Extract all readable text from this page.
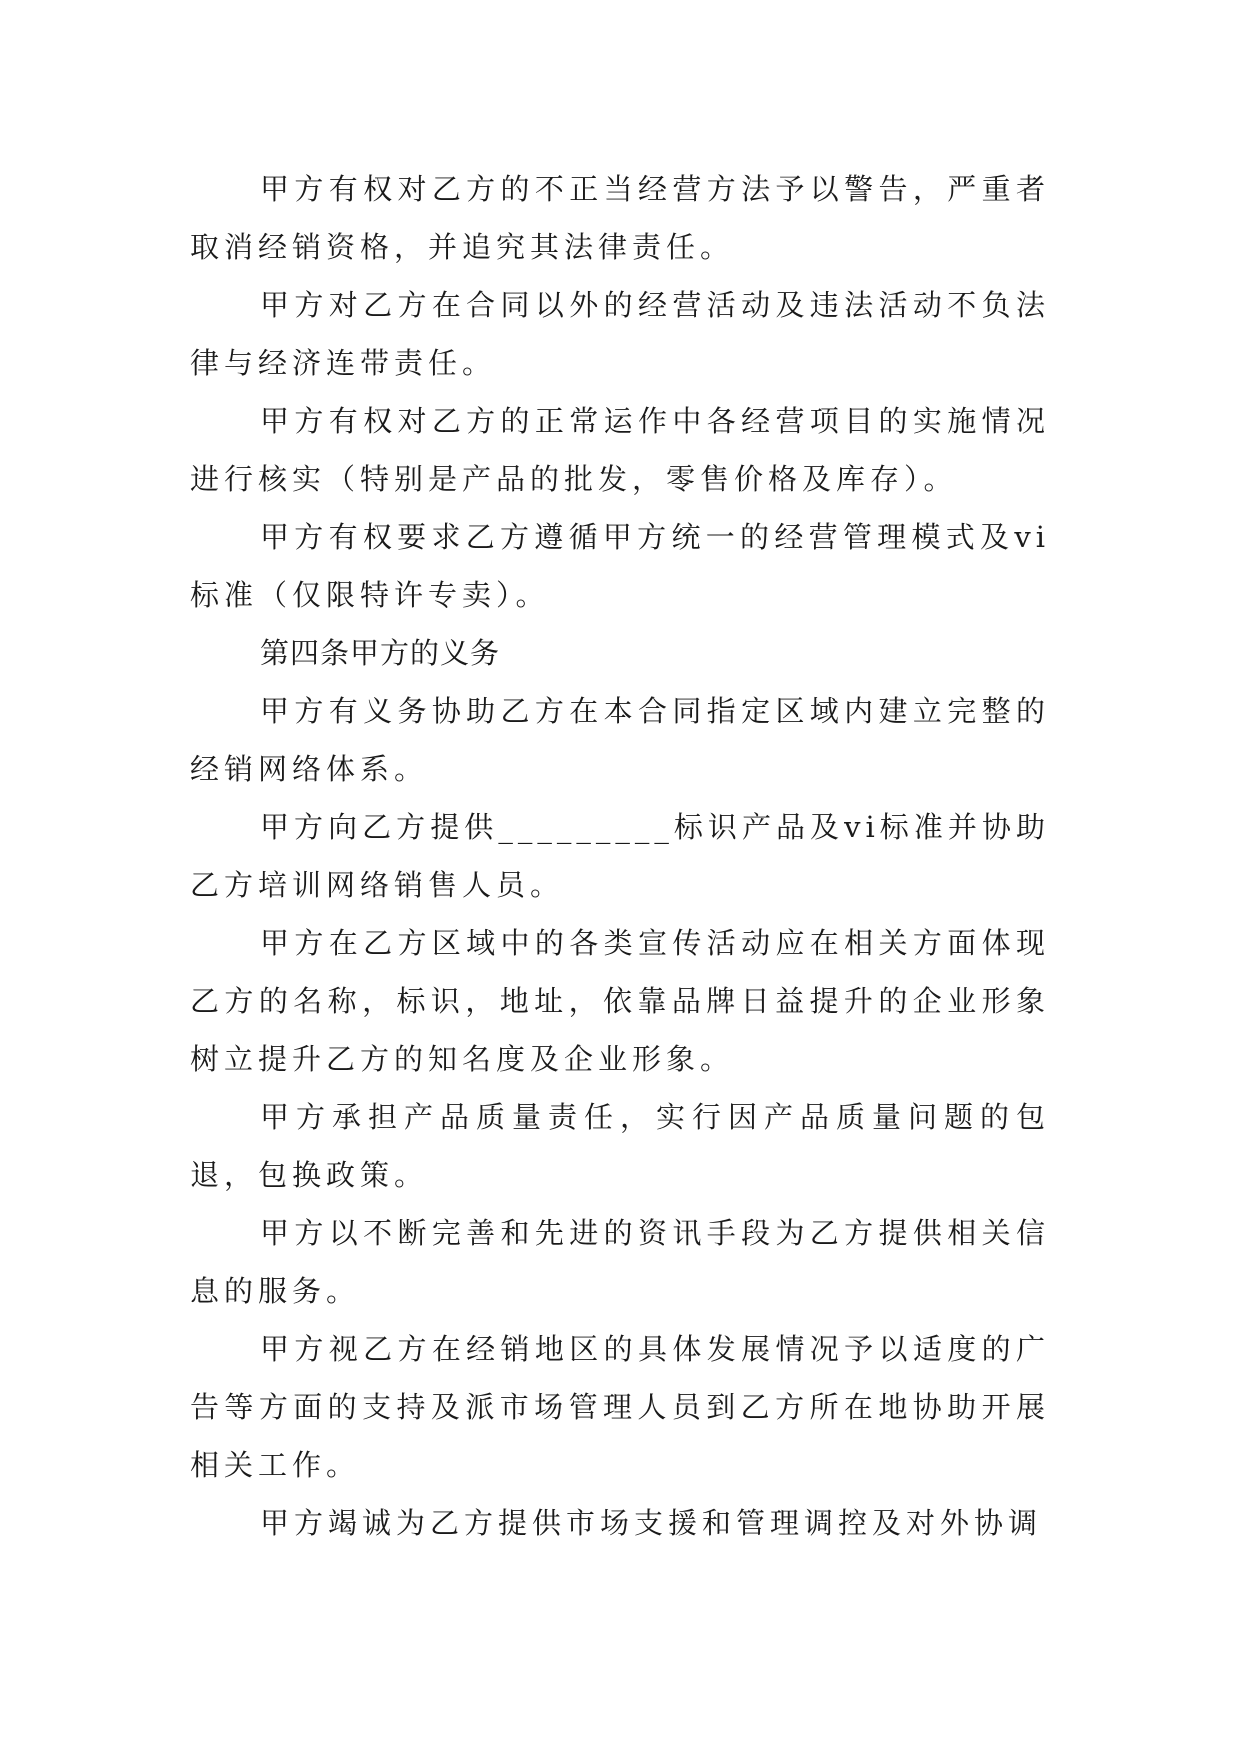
甲方有权对乙方的不正当经营方法予以警告，严重者取消经销资格，并追究其法律责任。

甲方对乙方在合同以外的经营活动及违法活动不负法律与经济连带责任。

甲方有权对乙方的正常运作中各经营项目的实施情况进行核实（特别是产品的批发，零售价格及库存）。

甲方有权要求乙方遵循甲方统一的经营管理模式及vi标准（仅限特许专卖）。

第四条甲方的义务

甲方有义务协助乙方在本合同指定区域内建立完整的经销网络体系。

甲方向乙方提供_________标识产品及vi标准并协助乙方培训网络销售人员。

甲方在乙方区域中的各类宣传活动应在相关方面体现乙方的名称，标识，地址，依靠品牌日益提升的企业形象树立提升乙方的知名度及企业形象。

甲方承担产品质量责任，实行因产品质量问题的包退，包换政策。

甲方以不断完善和先进的资讯手段为乙方提供相关信息的服务。

甲方视乙方在经销地区的具体发展情况予以适度的广告等方面的支持及派市场管理人员到乙方所在地协助开展相关工作。

甲方竭诚为乙方提供市场支援和管理调控及对外协调
